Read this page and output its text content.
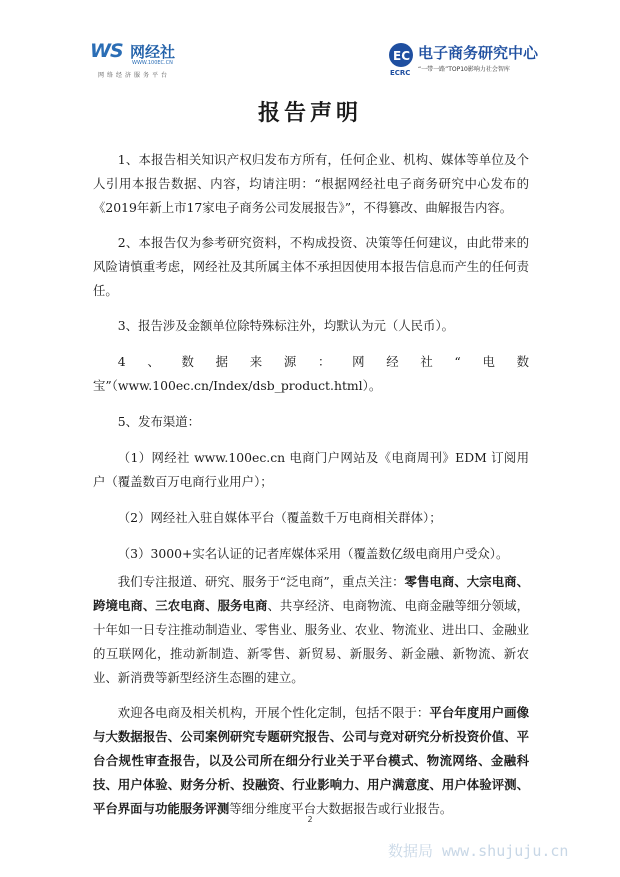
WS 网经社
WWW.100EC.CN
网络经济服务平台
EC 电子商务研究中心
“一带一路”TOP10影响力社会智库
ECRC
报告声明

1、本报告相关知识产权归发布方所有，任何企业、机构、媒体等单位及个人引用本报告数据、内容，均请注明：“根据网经社电子商务研究中心发布的《2019年新上市17家电子商务公司发展报告》”，不得篡改、曲解报告内容。

2、本报告仅为参考研究资料，不构成投资、决策等任何建议，由此带来的风险请慎重考虑，网经社及其所属主体不承担因使用本报告信息而产生的任何责任。

3、报告涉及金额单位除特殊标注外，均默认为元（人民币）。

4、数据来源：网经社“电数宝”（www.100ec.cn/Index/dsb_product.html）。

5、发布渠道：

（1）网经社 www.100ec.cn 电商门户网站及《电商周刊》EDM 订阅用户（覆盖数百万电商行业用户）；

（2）网经社入驻自媒体平台（覆盖数千万电商相关群体）；

（3）3000+实名认证的记者库媒体采用（覆盖数亿级电商用户受众）。

我们专注报道、研究、服务于“泛电商”，重点关注：零售电商、大宗电商、跨境电商、三农电商、服务电商、共享经济、电商物流、电商金融等细分领域，十年如一日专注推动制造业、零售业、服务业、农业、物流业、进出口、金融业的互联网化，推动新制造、新零售、新贸易、新服务、新金融、新物流、新农业、新消费等新型经济生态圈的建立。

欢迎各电商及相关机构，开展个性化定制，包括不限于：平台年度用户画像与大数据报告、公司案例研究专题研究报告、公司与竞对研究分析投资价值、平台合规性审查报告，以及公司所在细分行业关于平台模式、物流网络、金融科技、用户体验、财务分析、投融资、行业影响力、用户满意度、用户体验评测、平台界面与功能服务评测等细分维度平台大数据报告或行业报告。

2
数据局 www.shujuju.cn
